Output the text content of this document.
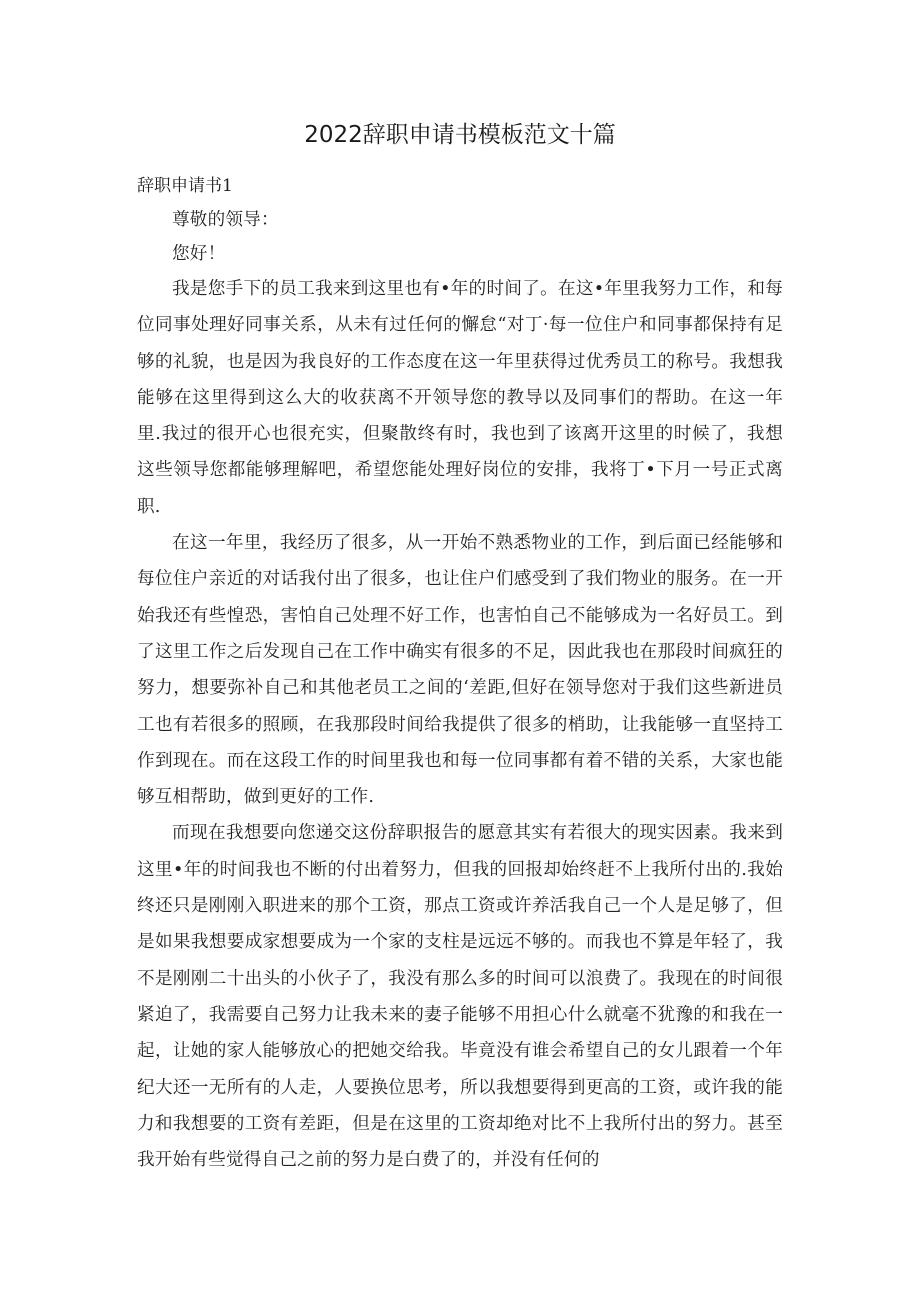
2022辞职申请书模板范文十篇
辞职申请书1

尊敬的领导：

您好！

我是您手下的员工我来到这里也有•年的时间了。在这•年里我努力工作，和每位同事处理好同事关系，从未有过任何的懈怠“对丁·每一位住户和同事都保持有足够的礼貌，也是因为我良好的工作态度在这一年里获得过优秀员工的称号。我想我能够在这里得到这么大的收获离不开领导您的教导以及同事们的帮助。在这一年里.我过的很开心也很充实，但聚散终有时，我也到了该离开这里的时候了，我想这些领导您都能够理解吧，希望您能处理好岗位的安排，我将丁•下月一号正式离职.

在这一年里，我经历了很多，从一开始不熟悉物业的工作，到后面已经能够和每位住户亲近的对话我付出了很多，也让住户们感受到了我们物业的服务。在一开始我还有些惶恐，害怕自己处理不好工作，也害怕自己不能够成为一名好员工。到了这里工作之后发现自己在工作中确实有很多的不足，因此我也在那段时间疯狂的努力，想要弥补自己和其他老员工之间的‘差距,但好在领导您对于我们这些新进员工也有若很多的照顾，在我那段时间给我提供了很多的梢助，让我能够一直坚持工作到现在。而在这段工作的时间里我也和每一位同事都有着不错的关系，大家也能够互相帮助，做到更好的工作.

而现在我想要向您递交这份辞职报告的愿意其实有若很大的现实因素。我来到这里•年的时间我也不断的付出着努力，但我的回报却始终赶不上我所付出的.我始终还只是刚刚入职进来的那个工资，那点工资或许养活我自己一个人是足够了，但是如果我想要成家想要成为一个家的支柱是远远不够的。而我也不算是年轻了，我不是刚刚二十出头的小伙子了，我没有那么多的时间可以浪费了。我现在的时间很紧迫了，我需要自己努力让我未来的妻子能够不用担心什么就毫不犹豫的和我在一起，让她的家人能够放心的把她交给我。毕竟没有谁会希望自己的女儿跟着一个年纪大还一无所有的人走，人要换位思考，所以我想要得到更高的工资，或许我的能力和我想要的工资有差距，但是在这里的工资却绝对比不上我所付出的努力。甚至我开始有些觉得自己之前的努力是白费了的，并没有任何的
